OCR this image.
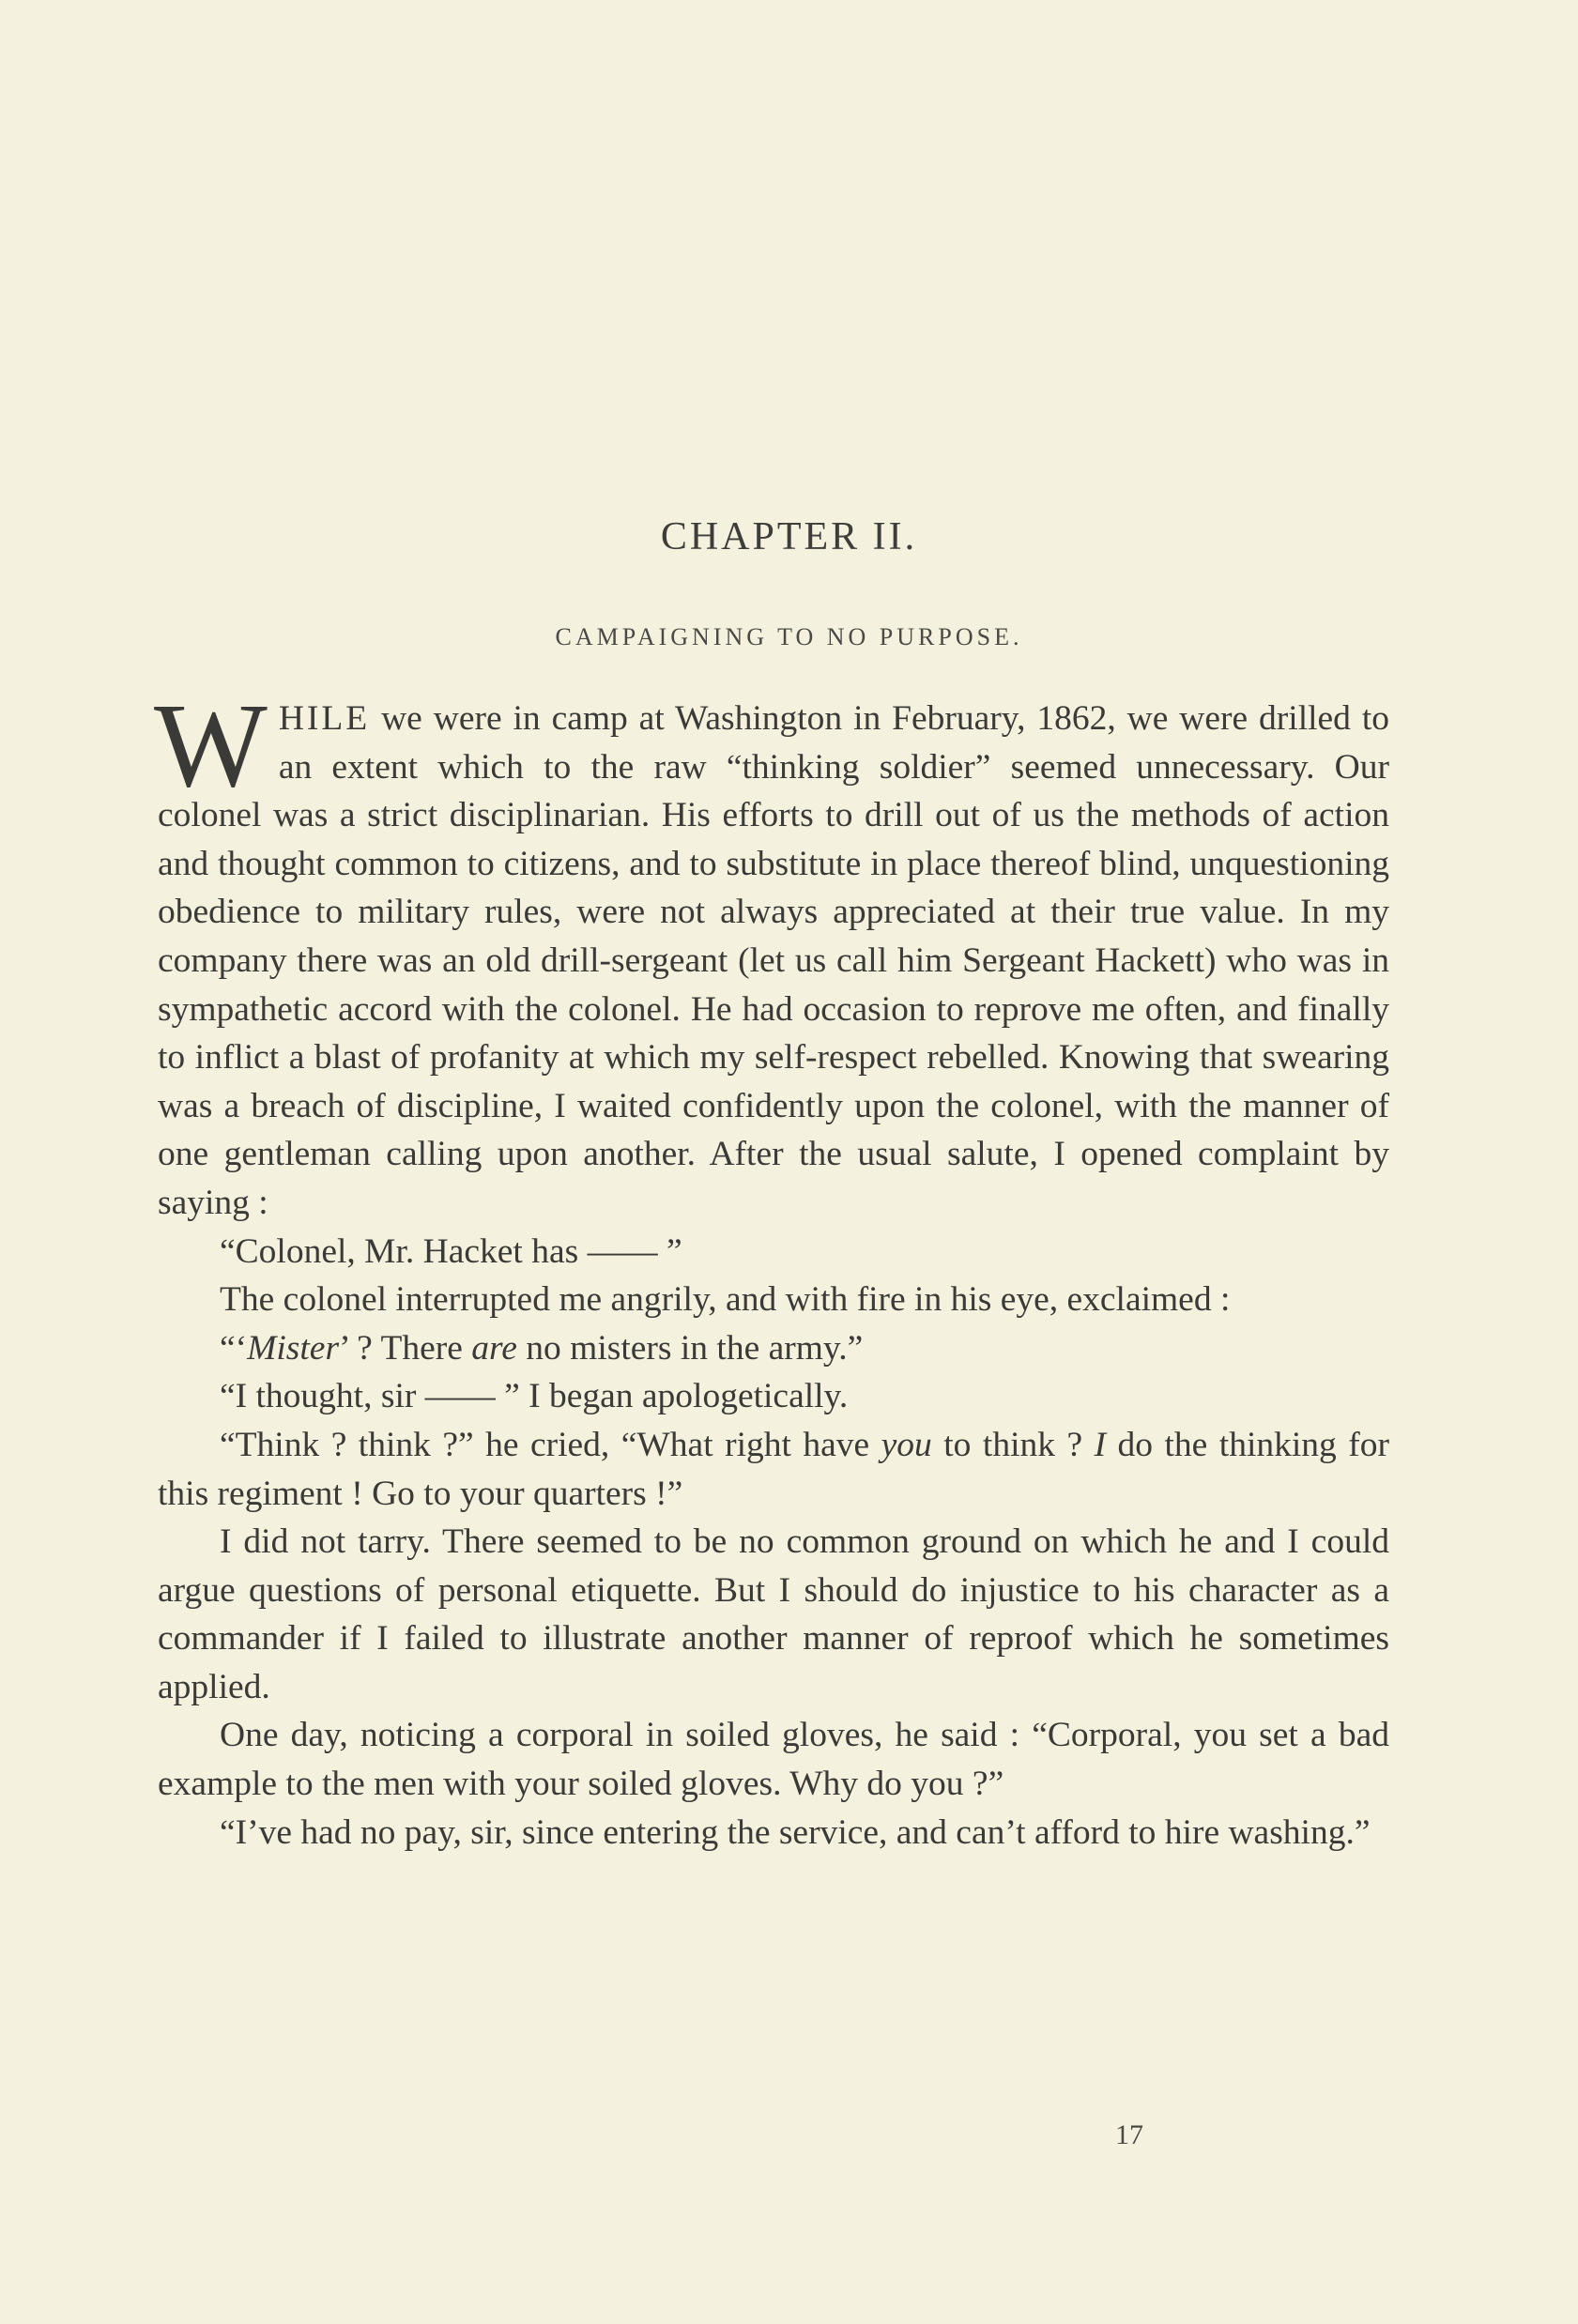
CHAPTER II.
CAMPAIGNING TO NO PURPOSE.

WHILE we were in camp at Washington in February, 1862, we were drilled to an extent which to the raw “thinking soldier” seemed unnecessary. Our colonel was a strict disciplinarian. His efforts to drill out of us the methods of action and thought common to citizens, and to substitute in place thereof blind, unquestioning obedience to military rules, were not always appreciated at their true value. In my company there was an old drill-sergeant (let us call him Sergeant Hackett) who was in sympathetic accord with the colonel. He had occasion to reprove me often, and finally to inflict a blast of profanity at which my self-respect rebelled. Knowing that swearing was a breach of discipline, I waited confidently upon the colonel, with the manner of one gentleman calling upon another. After the usual salute, I opened complaint by saying :

“Colonel, Mr. Hacket has —— ”

The colonel interrupted me angrily, and with fire in his eye, exclaimed :

“‘Mister’ ? There are no misters in the army.”

“I thought, sir —— ” I began apologetically.

“Think ? think ?” he cried, “What right have you to think ? I do the thinking for this regiment ! Go to your quarters !”

I did not tarry. There seemed to be no common ground on which he and I could argue questions of personal etiquette. But I should do injustice to his character as a commander if I failed to illustrate another manner of reproof which he sometimes applied.

One day, noticing a corporal in soiled gloves, he said : “Corporal, you set a bad example to the men with your soiled gloves. Why do you ?”

“I’ve had no pay, sir, since entering the service, and can’t afford to hire washing.”

17
